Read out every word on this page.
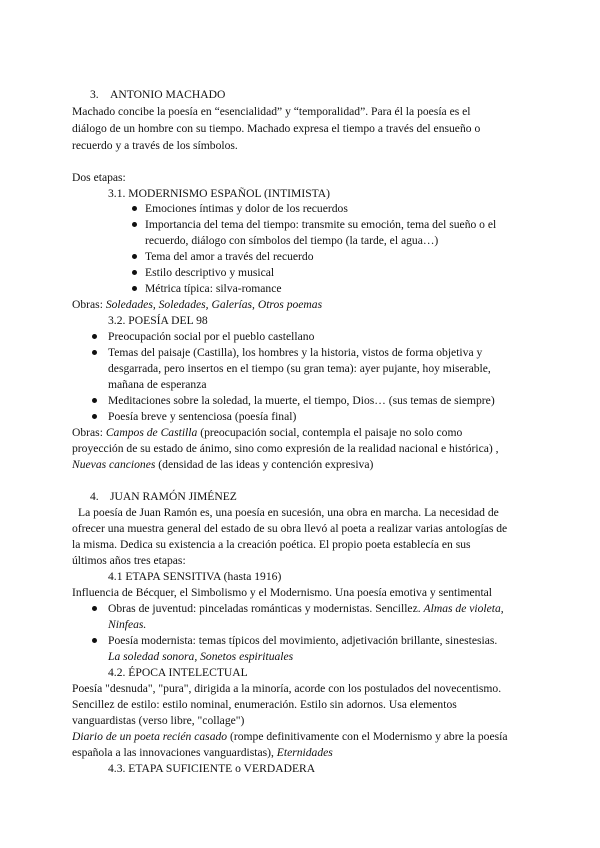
3. ANTONIO MACHADO
Machado concibe la poesía en “esencialidad” y “temporalidad”. Para él la poesía es el
diálogo de un hombre con su tiempo. Machado expresa el tiempo a través del ensueño o
recuerdo y a través de los símbolos.
Dos etapas:
3.1. MODERNISMO ESPAÑOL (INTIMISTA)
Emociones íntimas y dolor de los recuerdos
Importancia del tema del tiempo: transmite su emoción, tema del sueño o el
recuerdo, diálogo con símbolos del tiempo (la tarde, el agua…)
Tema del amor a través del recuerdo
Estilo descriptivo y musical
Métrica típica: silva-romance
Obras: Soledades, Soledades, Galerías, Otros poemas
3.2. POESÍA DEL 98
Preocupación social por el pueblo castellano
Temas del paisaje (Castilla), los hombres y la historia, vistos de forma objetiva y
desgarrada, pero insertos en el tiempo (su gran tema): ayer pujante, hoy miserable,
mañana de esperanza
Meditaciones sobre la soledad, la muerte, el tiempo, Dios… (sus temas de siempre)
Poesía breve y sentenciosa (poesía final)
Obras: Campos de Castilla (preocupación social, contempla el paisaje no solo como
proyección de su estado de ánimo, sino como expresión de la realidad nacional e histórica) ,
Nuevas canciones (densidad de las ideas y contención expresiva)
4. JUAN RAMÓN JIMÉNEZ
La poesía de Juan Ramón es, una poesía en sucesión, una obra en marcha. La necesidad de
ofrecer una muestra general del estado de su obra llevó al poeta a realizar varias antologías de
la misma. Dedica su existencia a la creación poética. El propio poeta establecía en sus
últimos años tres etapas:
4.1 ETAPA SENSITIVA (hasta 1916)
Influencia de Bécquer, el Simbolismo y el Modernismo. Una poesía emotiva y sentimental
Obras de juventud: pinceladas románticas y modernistas. Sencillez. Almas de violeta,
Ninfeas.
Poesía modernista: temas típicos del movimiento, adjetivación brillante, sinestesias.
La soledad sonora, Sonetos espirituales
4.2. ÉPOCA INTELECTUAL
Poesía "desnuda", "pura", dirigida a la minoría, acorde con los postulados del novecentismo.
Sencillez de estilo: estilo nominal, enumeración. Estilo sin adornos. Usa elementos
vanguardistas (verso libre, "collage")
Diario de un poeta recién casado (rompe definitivamente con el Modernismo y abre la poesía
española a las innovaciones vanguardistas), Eternidades
4.3. ETAPA SUFICIENTE o VERDADERA
